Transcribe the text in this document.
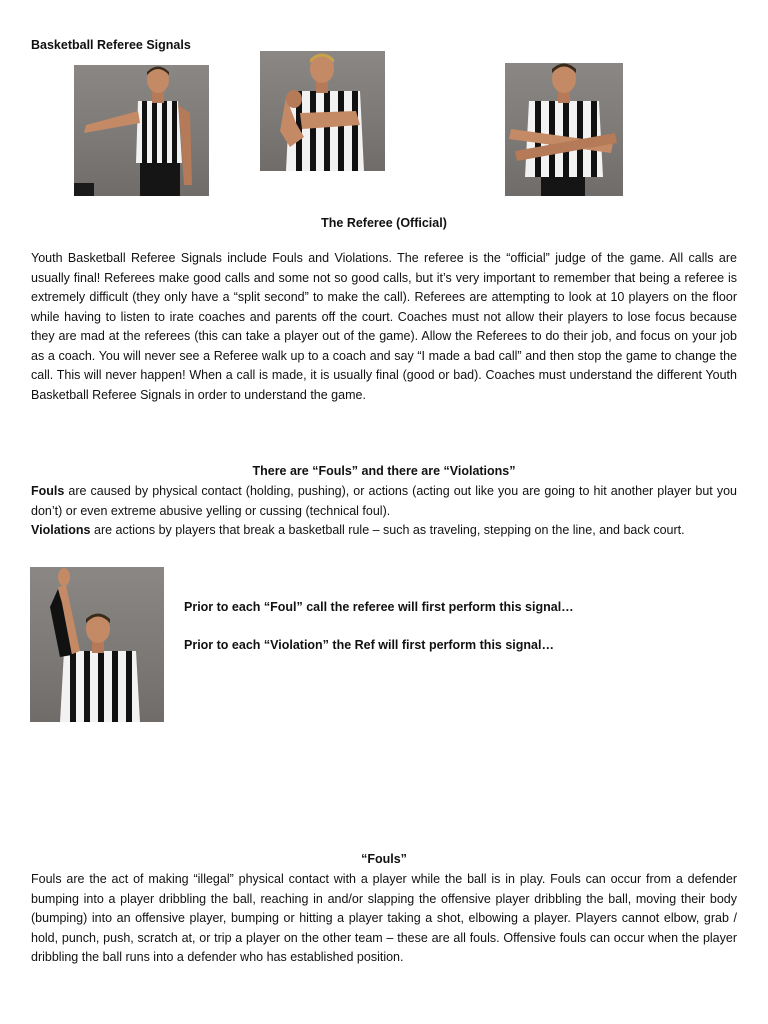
Basketball Referee Signals
The Referee (Official)
Youth Basketball Referee Signals include Fouls and Violations. The referee is the “official” judge of the game. All calls are usually final! Referees make good calls and some not so good calls, but it’s very important to remember that being a referee is extremely difficult (they only have a “split second” to make the call). Referees are attempting to look at 10 players on the floor while having to listen to irate coaches and parents off the court. Coaches must not allow their players to lose focus because they are mad at the referees (this can take a player out of the game). Allow the Referees to do their job, and focus on your job as a coach. You will never see a Referee walk up to a coach and say “I made a bad call” and then stop the game to change the call. This will never happen! When a call is made, it is usually final (good or bad). Coaches must understand the different Youth Basketball Referee Signals in order to understand the game.
There are “Fouls” and there are “Violations”
Fouls are caused by physical contact (holding, pushing), or actions (acting out like you are going to hit another player but you don’t) or even extreme abusive yelling or cussing (technical foul).
Violations are actions by players that break a basketball rule – such as traveling, stepping on the line, and back court.
Prior to each “Foul” call the referee will first perform this signal…
Prior to each “Violation” the Ref will first perform this signal…
“Fouls”
Fouls are the act of making “illegal” physical contact with a player while the ball is in play. Fouls can occur from a defender bumping into a player dribbling the ball, reaching in and/or slapping the offensive player dribbling the ball, moving their body (bumping) into an offensive player, bumping or hitting a player taking a shot, elbowing a player. Players cannot elbow, grab / hold, punch, push, scratch at, or trip a player on the other team – these are all fouls. Offensive fouls can occur when the player dribbling the ball runs into a defender who has established position.
